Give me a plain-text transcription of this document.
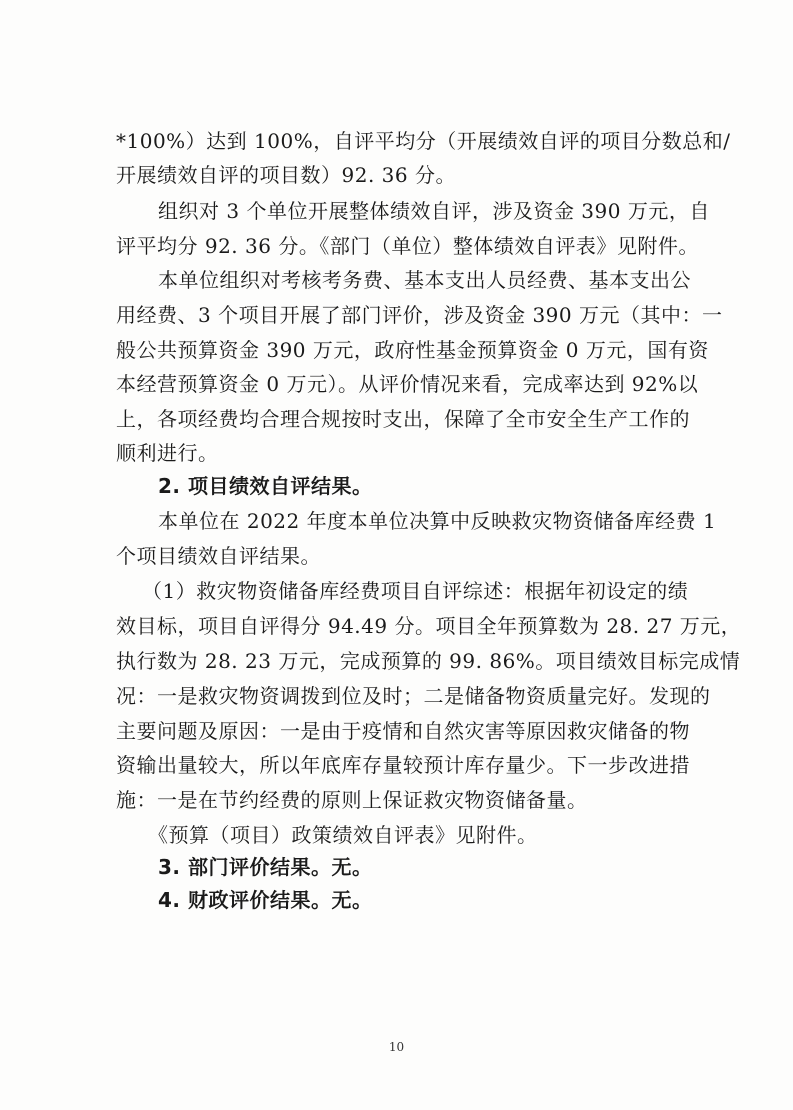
*100%）达到 100%，自评平均分（开展绩效自评的项目分数总和/
开展绩效自评的项目数）92. 36 分。
组织对 3 个单位开展整体绩效自评，涉及资金 390 万元，自
评平均分 92. 36 分。《部门（单位）整体绩效自评表》见附件。
本单位组织对考核考务费、基本支出人员经费、基本支出公
用经费、3 个项目开展了部门评价，涉及资金 390 万元（其中：一
般公共预算资金 390 万元，政府性基金预算资金 0 万元，国有资
本经营预算资金 0 万元）。从评价情况来看，完成率达到 92%以
上，各项经费均合理合规按时支出，保障了全市安全生产工作的
顺利进行。
2. 项目绩效自评结果。
本单位在 2022 年度本单位决算中反映救灾物资储备库经费 1
个项目绩效自评结果。
（1）救灾物资储备库经费项目自评综述：根据年初设定的绩
效目标，项目自评得分 94.49 分。项目全年预算数为 28. 27 万元，
执行数为 28. 23 万元，完成预算的 99. 86%。项目绩效目标完成情
况：一是救灾物资调拨到位及时；二是储备物资质量完好。发现的
主要问题及原因：一是由于疫情和自然灾害等原因救灾储备的物
资输出量较大，所以年底库存量较预计库存量少。下一步改进措
施：一是在节约经费的原则上保证救灾物资储备量。
《预算（项目）政策绩效自评表》见附件。
3. 部门评价结果。无。
4. 财政评价结果。无。
10
